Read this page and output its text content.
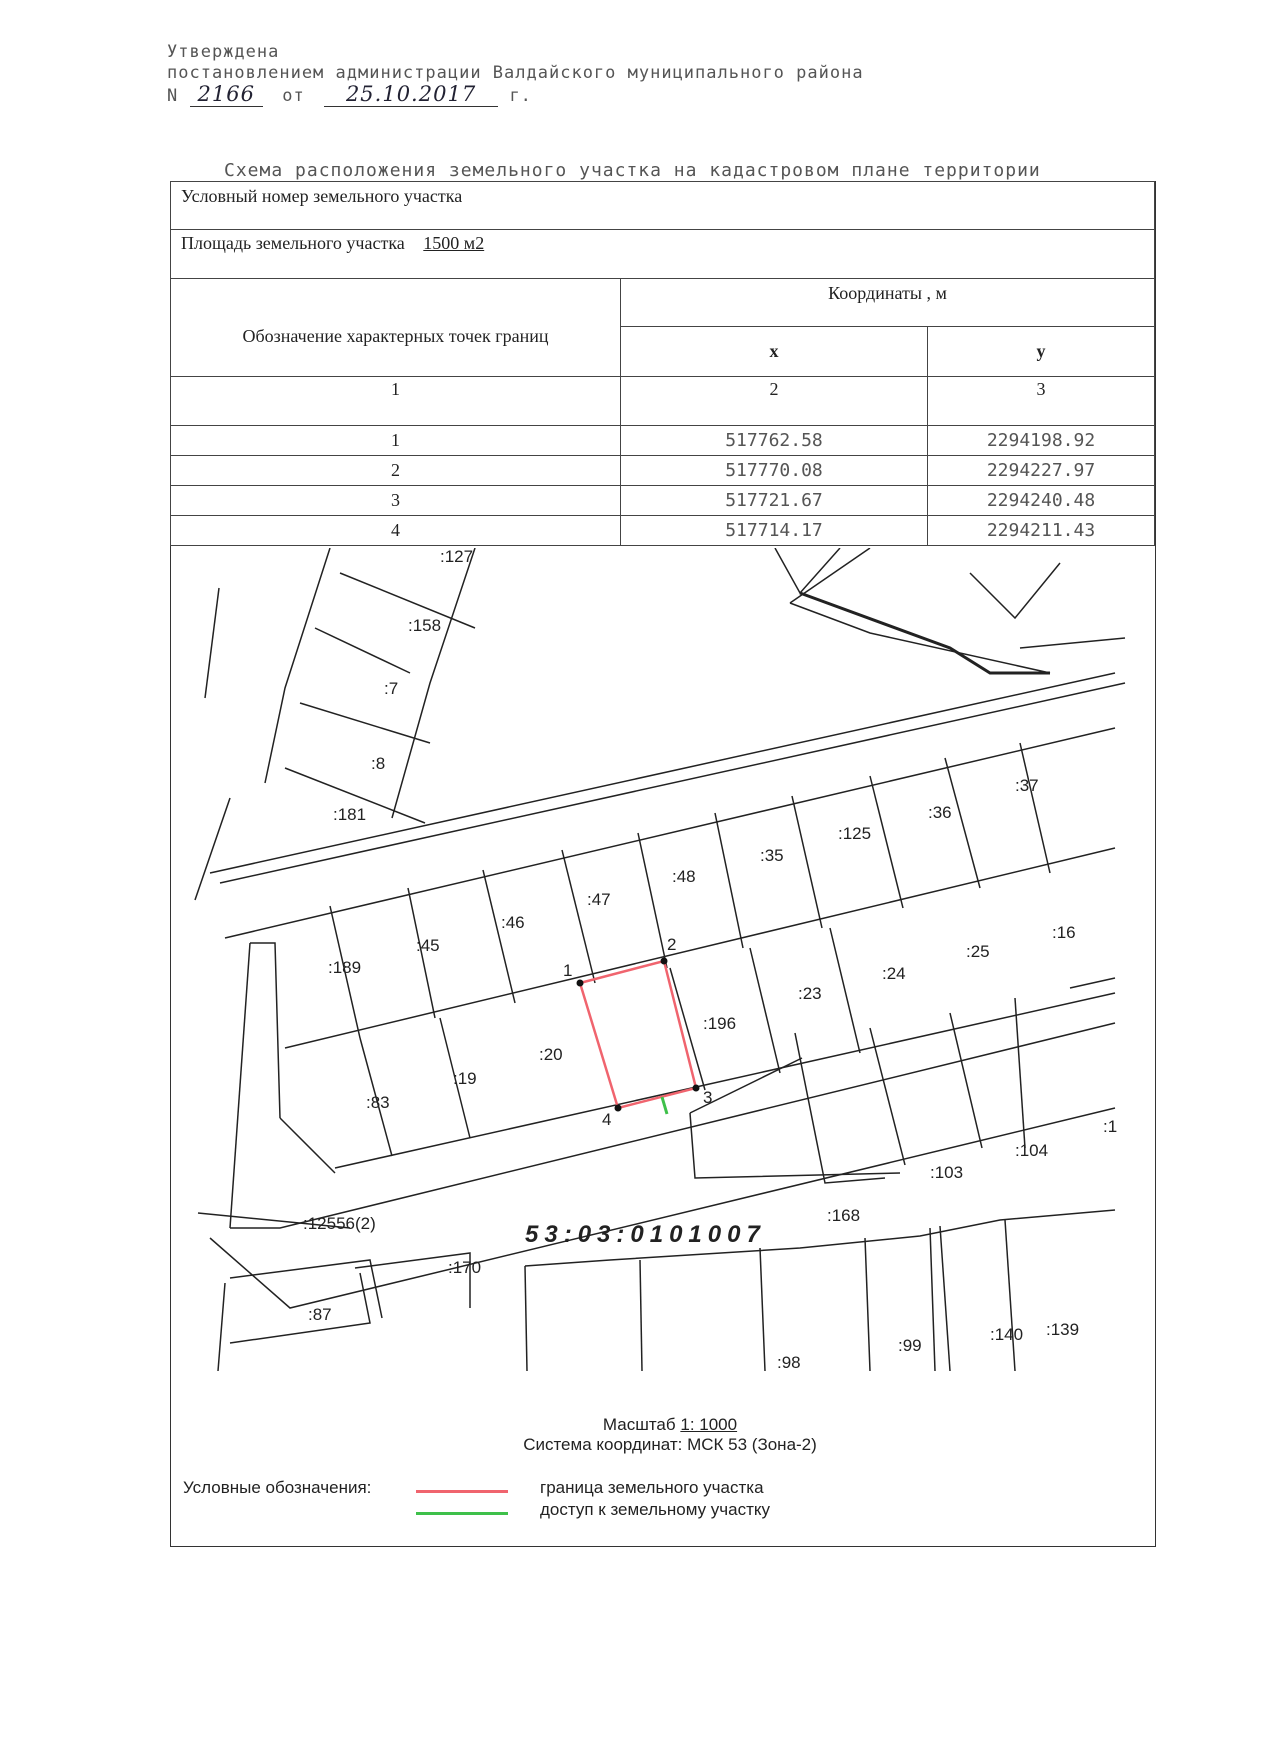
Утверждена
постановлением администрации Валдайского муниципального района
N 2166 от 25.10.2017 г.
Схема расположения земельного участка на кадастровом плане территории
Условный номер земельного участка		
Площадь земельного участка 1500 м2		
Обозначение характерных точек границ	Координаты , м	
	x	y
1	2	3
1	517762.58	2294198.92
2	517770.08	2294227.97
3	517721.67	2294240.48
4	517714.17	2294211.43
1
2
3
4
:127
:158
:7
:8
:181
:37
:36
:125
:35
:48
:47
:46
:45
:189
:16
:25
:24
:23
:196
:20
:19
:83
:1
:104
:103
:168
:12556(2)
:170
:87
:98
:99
:140 :139
53:03:0101007
Масштаб 1: 1000
Система координат: МСК 53 (Зона-2)
Условные обозначения:	граница земельного участка
доступ к земельному участку
